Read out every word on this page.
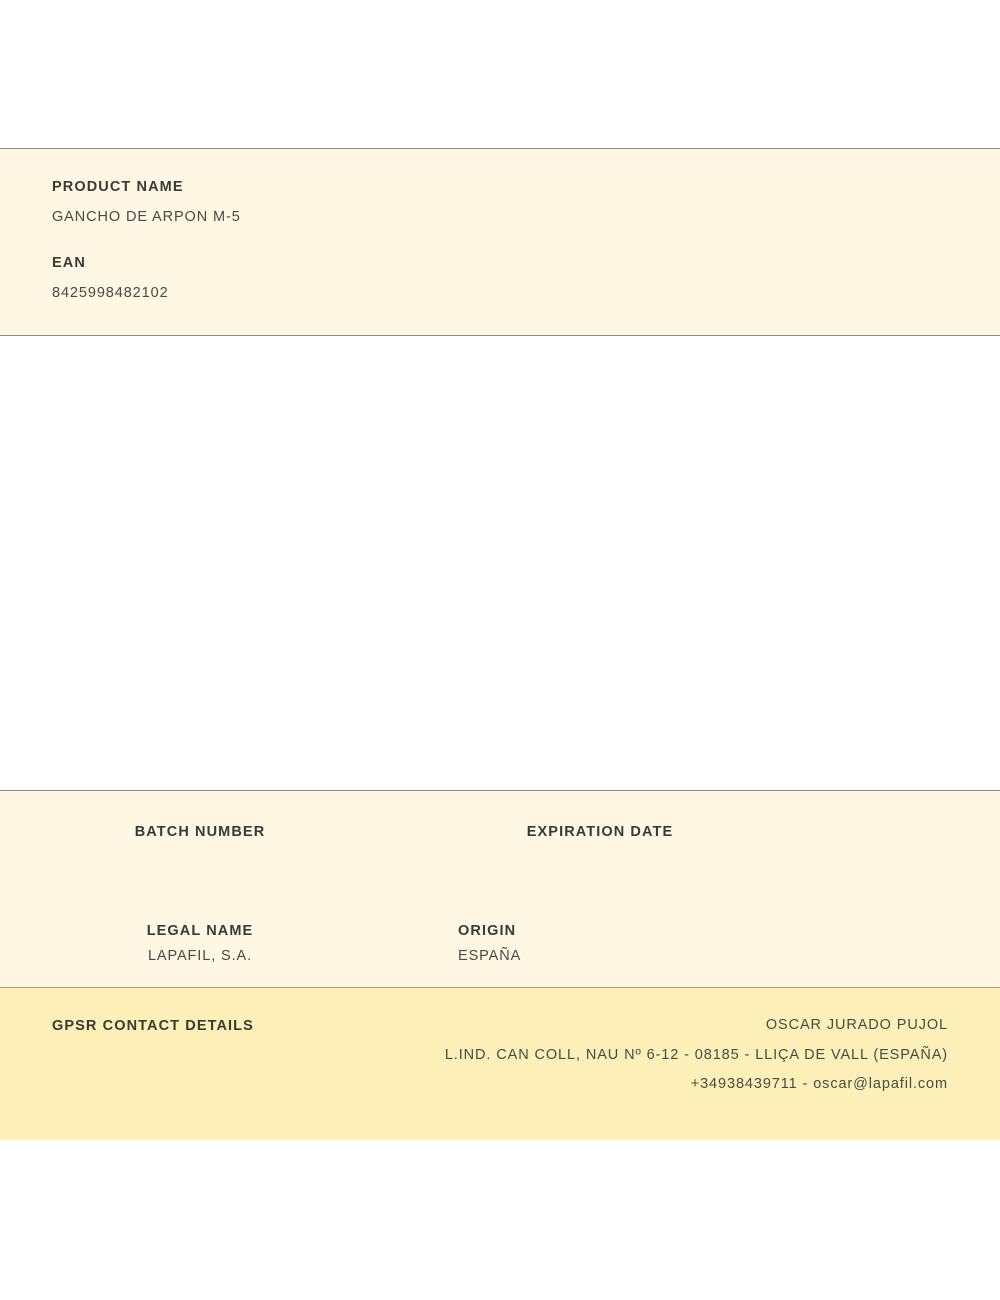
PRODUCT NAME

GANCHO DE ARPON M-5

EAN

8425998482102

BATCH NUMBER	EXPIRATION DATE

LEGAL NAME

LAPAFIL, S.A.

ORIGIN

ESPAÑA

GPSR CONTACT DETAILS	OSCAR JURADO PUJOL

L.IND. CAN COLL, NAU Nº 6-12 - 08185 - LLIÇA DE VALL (ESPAÑA)

+34938439711 - oscar@lapafil.com
